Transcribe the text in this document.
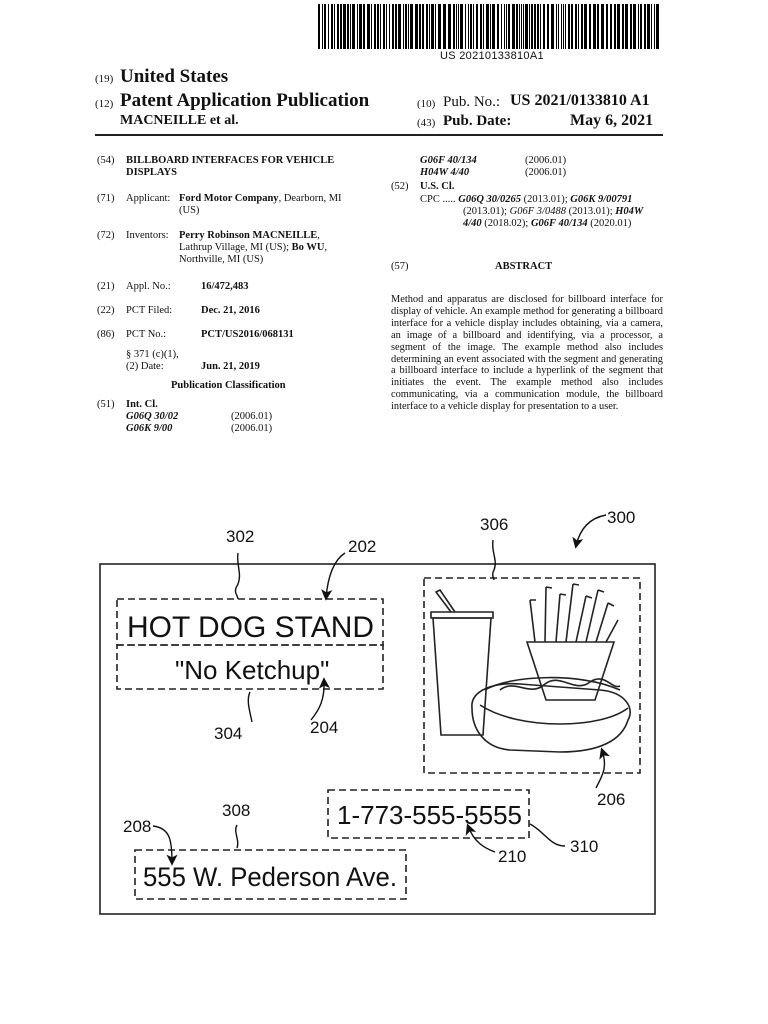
US 20210133810A1
(19) United States
(12) Patent Application Publication
MACNEILLE et al.
(10) Pub. No.: US 2021/0133810 A1
(43) Pub. Date:	May 6, 2021
(54) BILLBOARD INTERFACES FOR VEHICLE
DISPLAYS
(71) Applicant: Ford Motor Company, Dearborn, MI
(US)
(72) Inventors: Perry Robinson MACNEILLE,
Lathrup Village, MI (US); Bo WU,
Northville, MI (US)
(21) Appl. No.:	16/472,483
(22) PCT Filed:	Dec. 21, 2016
(86) PCT No.:	PCT/US2016/068131
§ 371 (c)(1),
(2) Date:	Jun. 21, 2019
Publication Classification
(51) Int. Cl.
G06Q 30/02	(2006.01)
G06K 9/00	(2006.01)
G06F 40/134	(2006.01)
H04W 4/40	(2006.01)
(52) U.S. Cl.
CPC ..... G06Q 30/0265 (2013.01); G06K 9/00791
(2013.01); G06F 3/0488 (2013.01); H04W
4/40 (2018.02); G06F 40/134 (2020.01)
(57)	ABSTRACT
Method and apparatus are disclosed for billboard interface for display of vehicle. An example method for generating a billboard interface for a vehicle display includes obtaining, via a camera, an image of a billboard and identifying, via a processor, a segment of the image. The example method also includes determining an event associated with the segment and generating a billboard interface to include a hyperlink of the segment that initiates the event. The example method also includes communicating, via a communication module, the billboard interface to a vehicle display for presentation to a user.
300
302
202
306
304	204
206
308
208
210
310
HOT DOG STAND
"No Ketchup"
1-773-555-5555
555 W. Pederson Ave.
